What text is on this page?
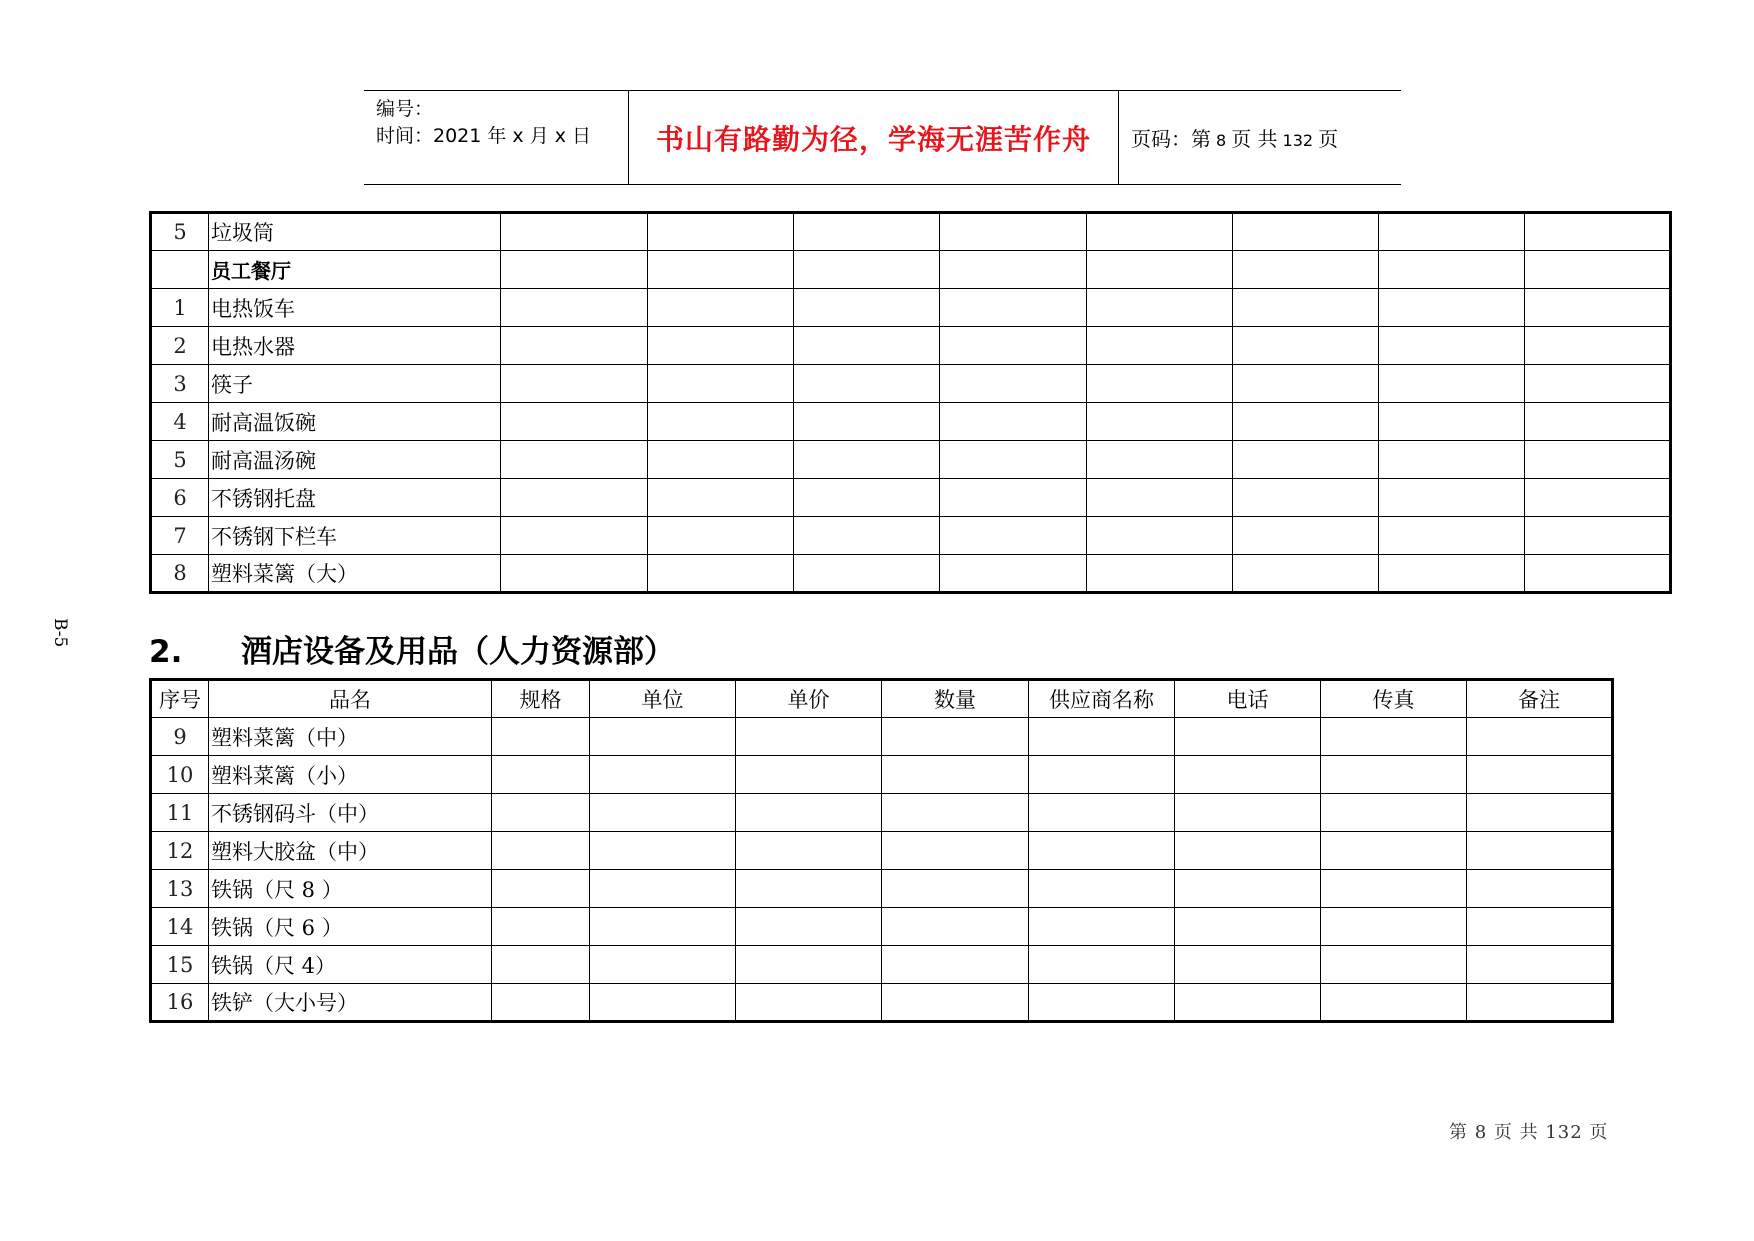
编号：
时间：2021 年 x 月 x 日 书山有路勤为径，学海无涯苦作舟 页码：第 8 页 共 132 页
5	垃圾筒								
	员工餐厅								
1	电热饭车								
2	电热水器								
3	筷子								
4	耐高温饭碗								
5	耐高温汤碗								
6	不锈钢托盘								
7	不锈钢下栏车								
8	塑料菜篱（大）								
B-5
2. 酒店设备及用品（人力资源部）
序号	品名	规格	单位	单价	数量	供应商名称	电话	传真	备注
9	塑料菜篱（中）								
10	塑料菜篱（小）								
11	不锈钢码斗（中）								
12	塑料大胶盆（中）								
13	铁锅（尺 8 ）								
14	铁锅（尺 6 ）								
15	铁锅（尺 4）								
16	铁铲（大小号）								
第 8 页 共 132 页
